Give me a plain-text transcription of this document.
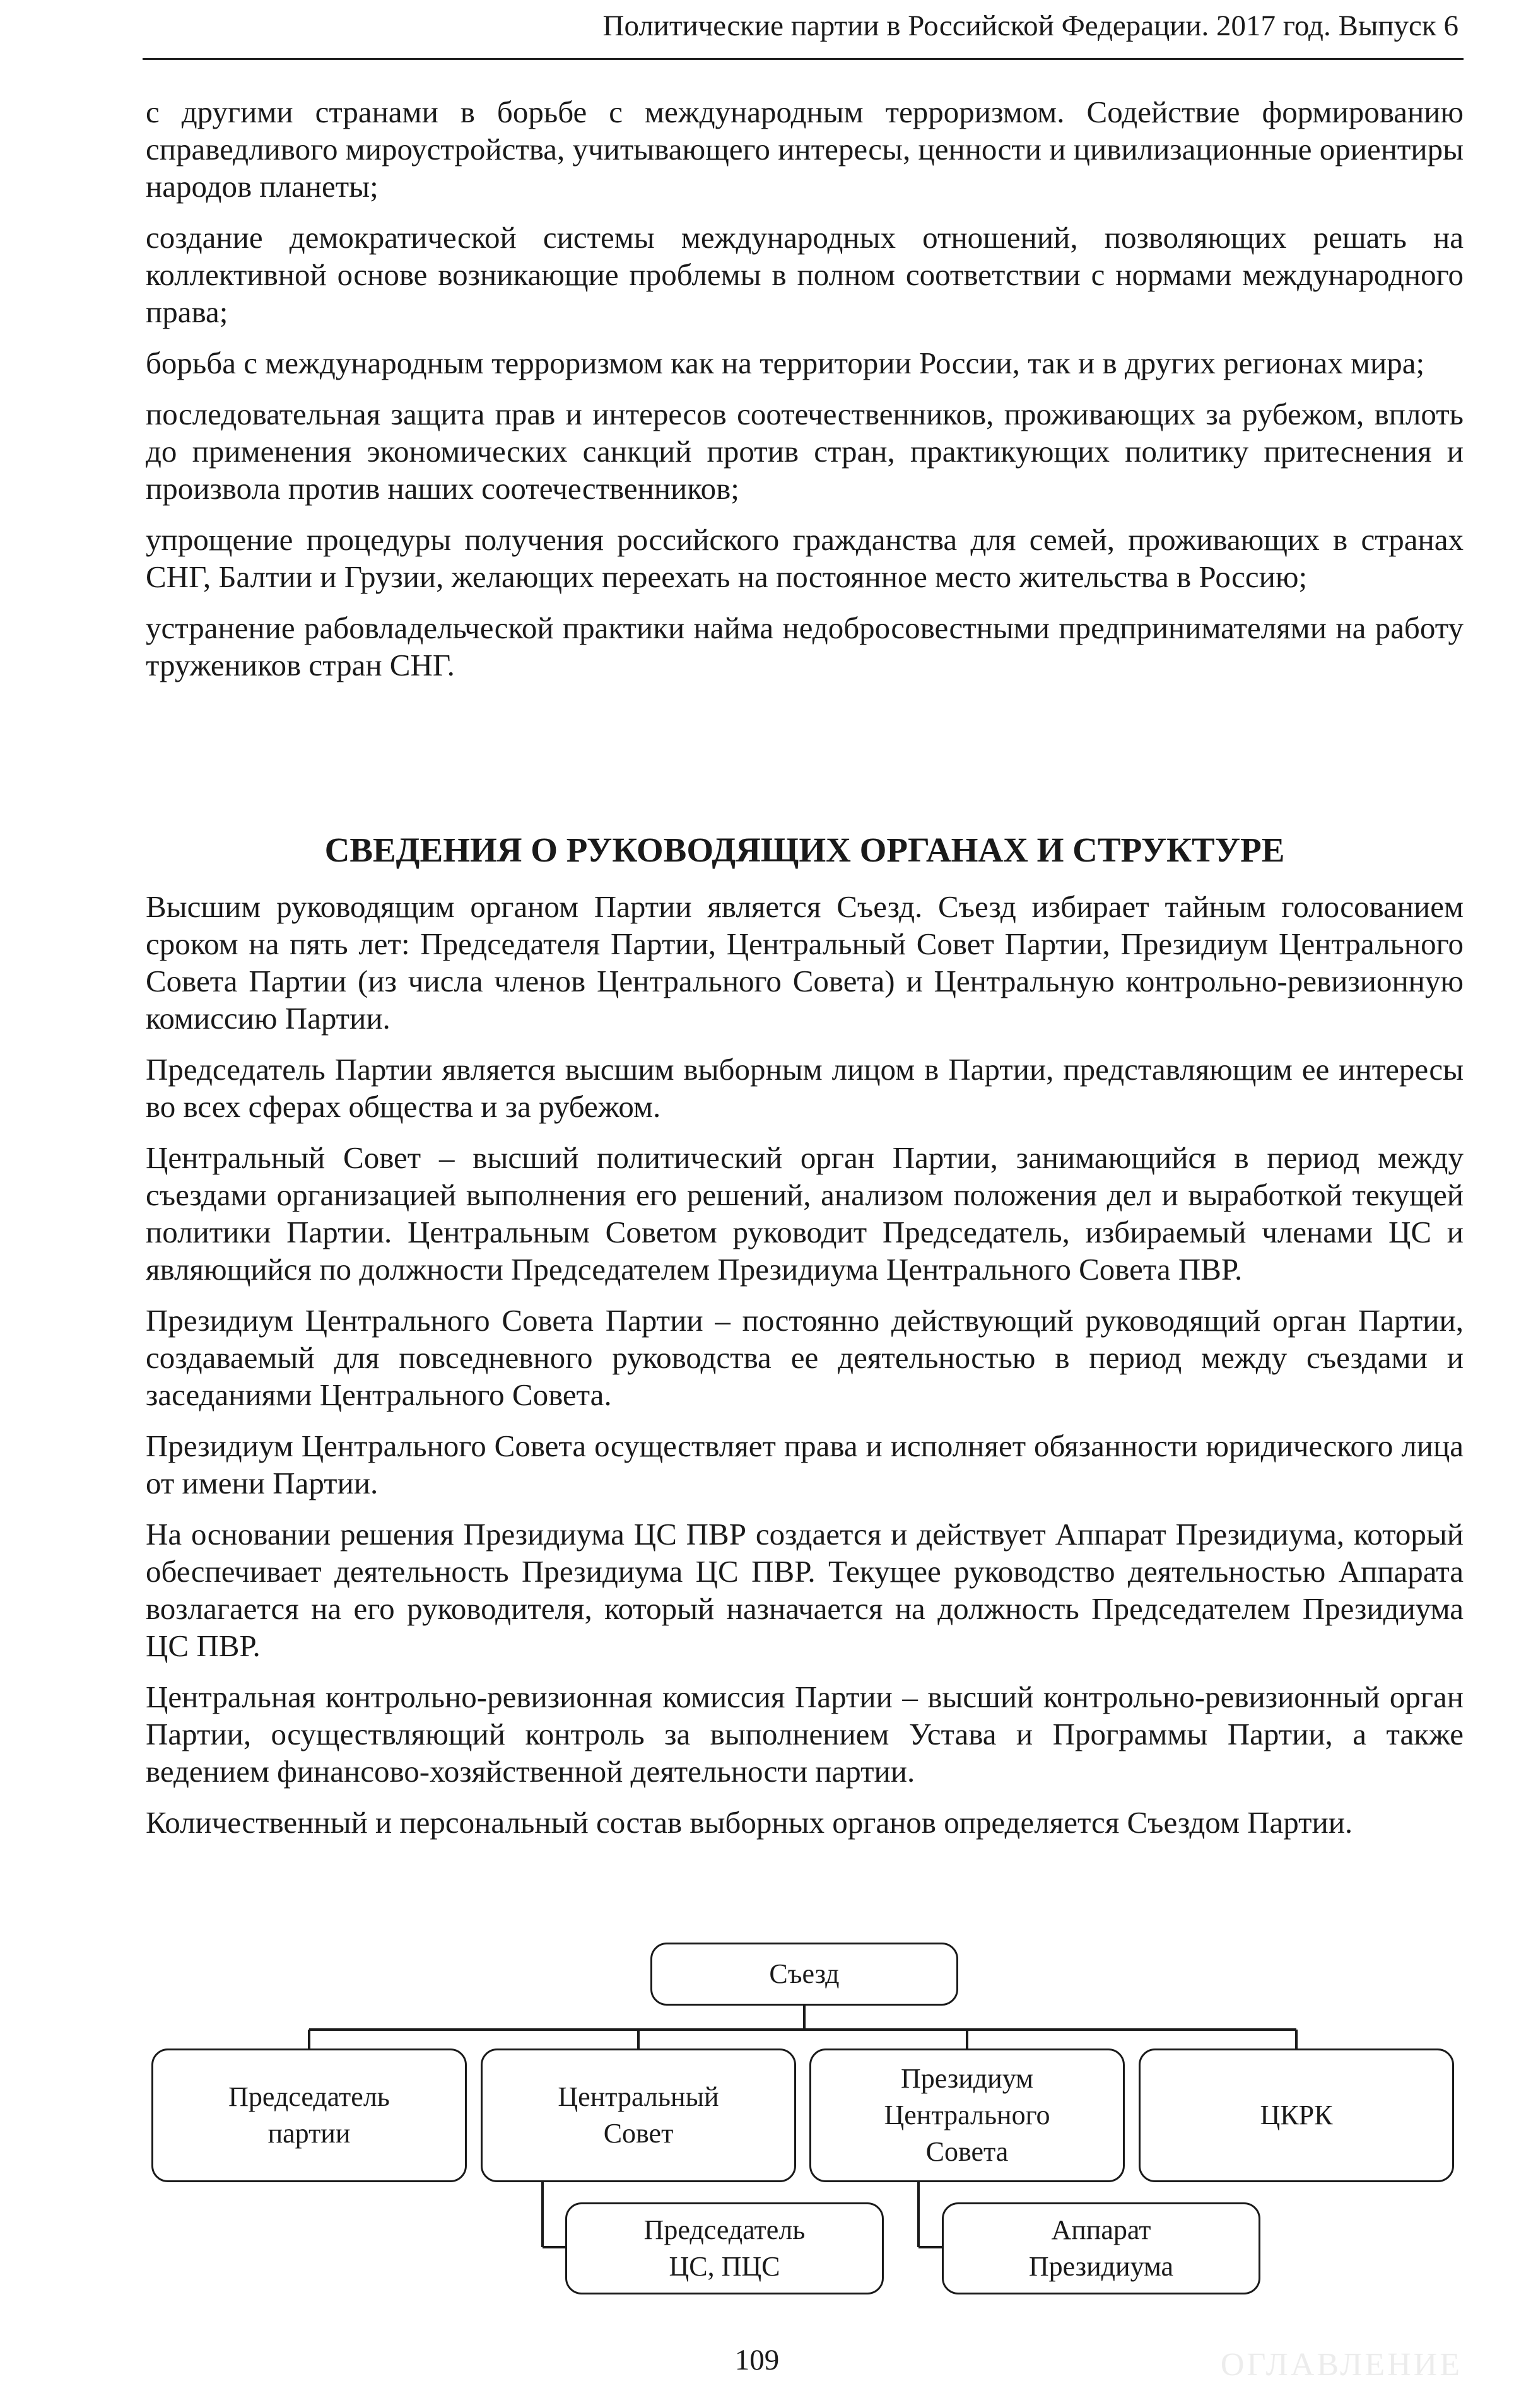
Политические партии в Российской Федерации. 2017 год. Выпуск 6

с другими странами в борьбе с международным терроризмом. Содействие формированию справедливого мироустройства, учитывающего интересы, ценности и цивилизационные ориентиры народов планеты;

создание демократической системы международных отношений, позволяющих решать на коллективной основе возникающие проблемы в полном соответствии с нормами международного права;

борьба с международным терроризмом как на территории России, так и в других регионах мира;

последовательная защита прав и интересов соотечественников, проживающих за рубежом, вплоть до применения экономических санкций против стран, практикующих политику притеснения и произвола против наших соотечественников;

упрощение процедуры получения российского гражданства для семей, проживающих в странах СНГ, Балтии и Грузии, желающих переехать на постоянное место жительства в Россию;

устранение рабовладельческой практики найма недобросовестными предпринимателями на работу тружеников стран СНГ.

СВЕДЕНИЯ О РУКОВОДЯЩИХ ОРГАНАХ И СТРУКТУРЕ

Высшим руководящим органом Партии является Съезд. Съезд избирает тайным голосованием сроком на пять лет: Председателя Партии, Центральный Совет Партии, Президиум Центрального Совета Партии (из числа членов Центрального Совета) и Центральную контрольно-ревизионную комиссию Партии.

Председатель Партии является высшим выборным лицом в Партии, представляющим ее интересы во всех сферах общества и за рубежом.

Центральный Совет – высший политический орган Партии, занимающийся в период между съездами организацией выполнения его решений, анализом положения дел и выработкой текущей политики Партии. Центральным Советом руководит Председатель, избираемый членами ЦС и являющийся по должности Председателем Президиума Центрального Совета ПВР.

Президиум Центрального Совета Партии – постоянно действующий руководящий орган Партии, создаваемый для повседневного руководства ее деятельностью в период между съездами и заседаниями Центрального Совета.

Президиум Центрального Совета осуществляет права и исполняет обязанности юридического лица от имени Партии.

На основании решения Президиума ЦС ПВР создается и действует Аппарат Президиума, который обеспечивает деятельность Президиума ЦС ПВР. Текущее руководство деятельностью Аппарата возлагается на его руководителя, который назначается на должность Председателем Президиума ЦС ПВР.

Центральная контрольно-ревизионная комиссия Партии – высший контрольно-ревизионный орган Партии, осуществляющий контроль за выполнением Устава и Программы Партии, а также ведением финансово-хозяйственной деятельности партии.

Количественный и персональный состав выборных органов определяется Съездом Партии.

Съезд
Председатель
партии
Центральный
Совет
Президиум
Центрального
Совета
ЦКРК
Председатель
ЦС, ПЦС
Аппарат
Президиума
109	ОГЛАВЛЕНИЕ
